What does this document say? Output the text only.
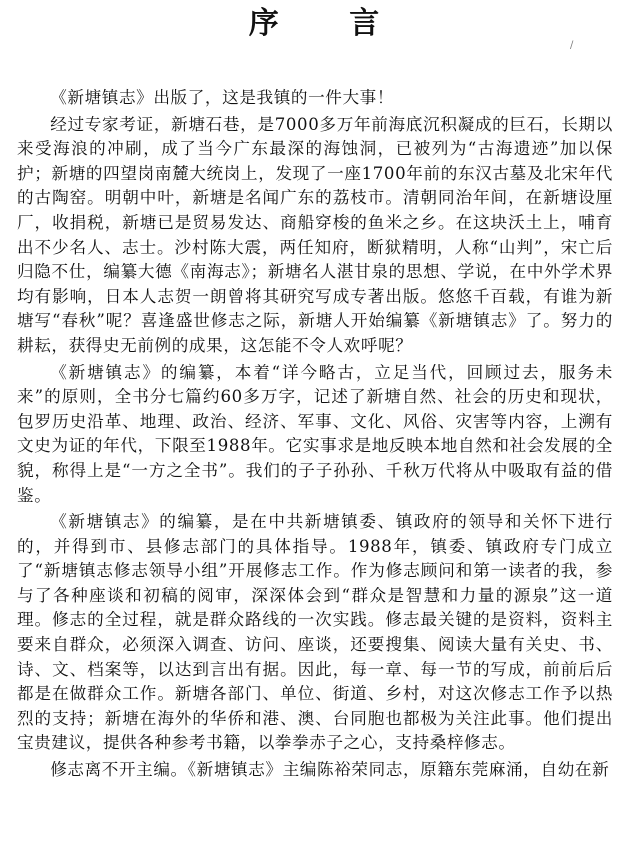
序 言
/

《新塘镇志》出版了，这是我镇的一件大事！

经过专家考证，新塘石巷，是7000多万年前海底沉积凝成的巨石，长期以来受海浪的冲刷，成了当今广东最深的海蚀洞，已被列为“古海遗迹”加以保护；新塘的四望岗南麓大统岗上，发现了一座1700年前的东汉古墓及北宋年代的古陶窑。明朝中叶，新塘是名闻广东的荔枝市。清朝同治年间，在新塘设厘厂，收捐税，新塘已是贸易发达、商船穿梭的鱼米之乡。在这块沃土上，哺育出不少名人、志士。沙村陈大震，两任知府，断狱精明，人称“山判”，宋亡后归隐不仕，编纂大德《南海志》；新塘名人湛甘泉的思想、学说，在中外学术界均有影响，日本人志贺一朗曾将其研究写成专著出版。悠悠千百载，有谁为新塘写“春秋”呢？喜逢盛世修志之际，新塘人开始编纂《新塘镇志》了。努力的耕耘，获得史无前例的成果，这怎能不令人欢呼呢？

《新塘镇志》的编纂，本着“详今略古，立足当代，回顾过去，服务未来”的原则，全书分七篇约60多万字，记述了新塘自然、社会的历史和现状，包罗历史沿革、地理、政治、经济、军事、文化、风俗、灾害等内容，上溯有文史为证的年代，下限至1988年。它实事求是地反映本地自然和社会发展的全貌，称得上是“一方之全书”。我们的子子孙孙、千秋万代将从中吸取有益的借鉴。

《新塘镇志》的编纂，是在中共新塘镇委、镇政府的领导和关怀下进行的，并得到市、县修志部门的具体指导。1988年，镇委、镇政府专门成立了“新塘镇志修志领导小组”开展修志工作。作为修志顾问和第一读者的我，参与了各种座谈和初稿的阅审，深深体会到“群众是智慧和力量的源泉”这一道理。修志的全过程，就是群众路线的一次实践。修志最关键的是资料，资料主要来自群众，必须深入调查、访问、座谈，还要搜集、阅读大量有关史、书、诗、文、档案等，以达到言出有据。因此，每一章、每一节的写成，前前后后都是在做群众工作。新塘各部门、单位、街道、乡村，对这次修志工作予以热烈的支持；新塘在海外的华侨和港、澳、台同胞也都极为关注此事。他们提出宝贵建议，提供各种参考书籍，以拳拳赤子之心，支持桑梓修志。

修志离不开主编。《新塘镇志》主编陈裕荣同志，原籍东莞麻涌，自幼在新
